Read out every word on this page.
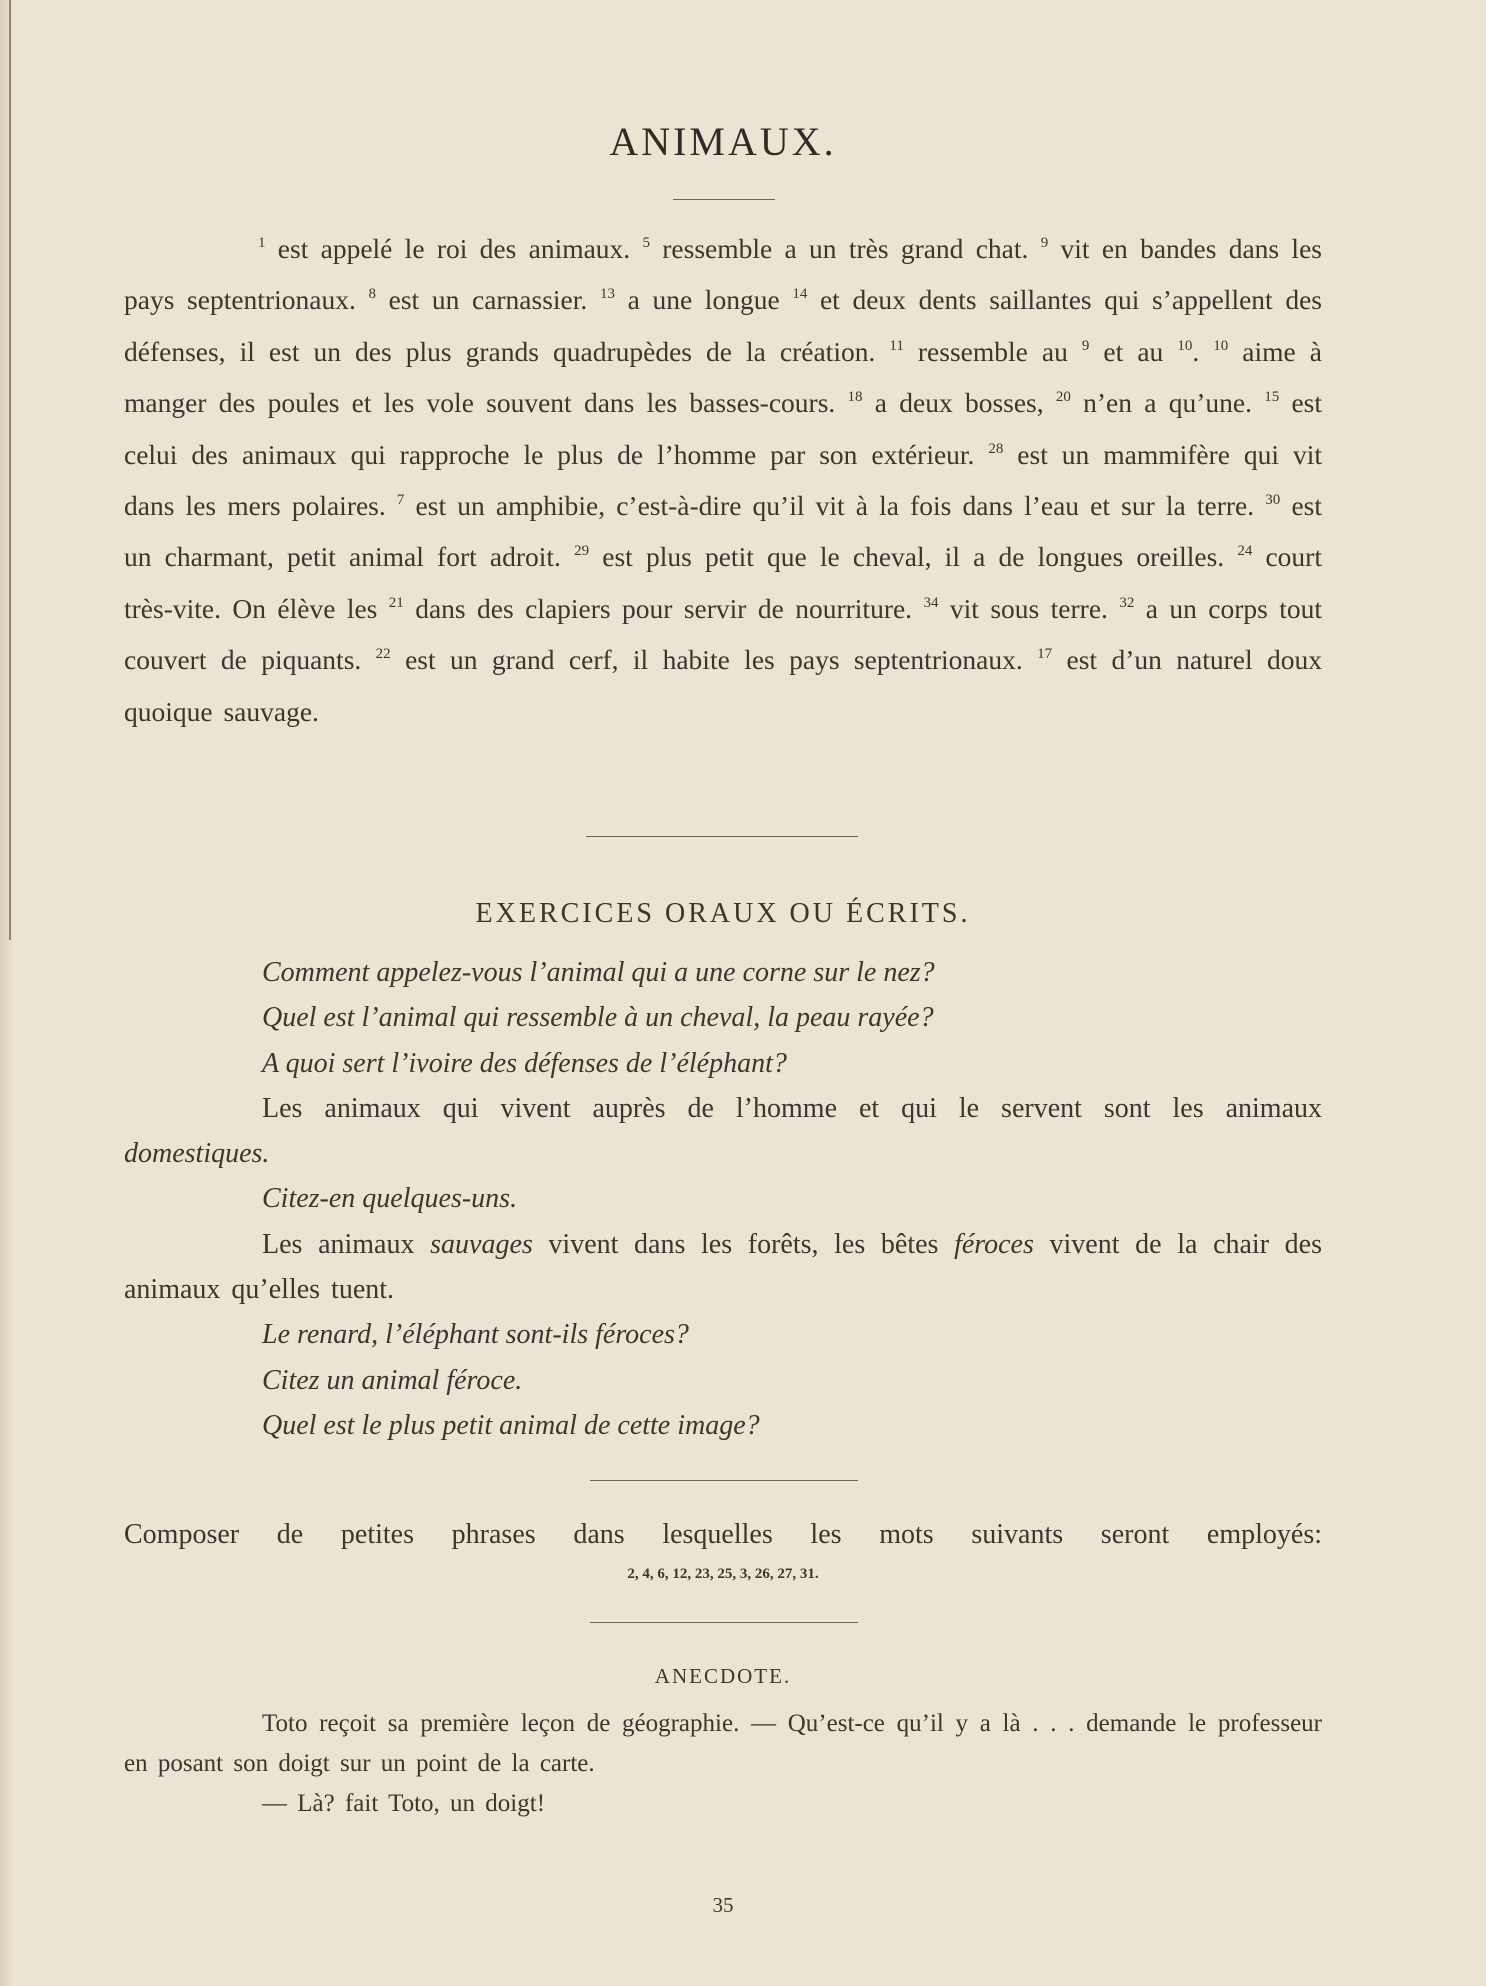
ANIMAUX.

$^1$ est appelé le roi des animaux. $^5$ ressemble a un très grand chat. $^9$ vit en bandes dans les pays septentrionaux. $^8$ est un carnassier. $^{13}$ a une longue $^{14}$ et deux dents saillantes qui s’appellent des défenses, il est un des plus grands quadrupèdes de la création. $^{11}$ ressemble au $^9$ et au $^{10}$. $^{10}$ aime à manger des poules et les vole souvent dans les basses-cours. $^{18}$ a deux bosses, $^{20}$ n’en a qu’une. $^{15}$ est celui des animaux qui rapproche le plus de l’homme par son extérieur. $^{28}$ est un mammifère qui vit dans les mers polaires. $^7$ est un amphibie, c’est-à-dire qu’il vit à la fois dans l’eau et sur la terre. $^{30}$ est un charmant, petit animal fort adroit. $^{29}$ est plus petit que le cheval, il a de longues oreilles. $^{24}$ court très-vite. On élève les $^{21}$ dans des clapiers pour servir de nourriture. $^{34}$ vit sous terre. $^{32}$ a un corps tout couvert de piquants. $^{22}$ est un grand cerf, il habite les pays septentrionaux. $^{17}$ est d’un naturel doux quoique sauvage.

EXERCICES ORAUX OU ÉCRITS.
Comment appelez-vous l’animal qui a une corne sur le nez?
Quel est l’animal qui ressemble à un cheval, la peau rayée?
A quoi sert l’ivoire des défenses de l’éléphant?

Les animaux qui vivent auprès de l’homme et qui le servent sont les animaux domestiques.

Citez-en quelques-uns.

Les animaux sauvages vivent dans les forêts, les bêtes féroces vivent de la chair des animaux qu’elles tuent.

Le renard, l’éléphant sont-ils féroces?
Citez un animal féroce.
Quel est le plus petit animal de cette image?
Composer de petites phrases dans lesquelles les mots suivants seront employés:
2, 4, 6, 12, 23, 25, 3, 26, 27, 31.
ANECDOTE.

Toto reçoit sa première leçon de géographie. — Qu’est-ce qu’il y a là . . . demande le professeur en posant son doigt sur un point de la carte.

— Là? fait Toto, un doigt!

35
